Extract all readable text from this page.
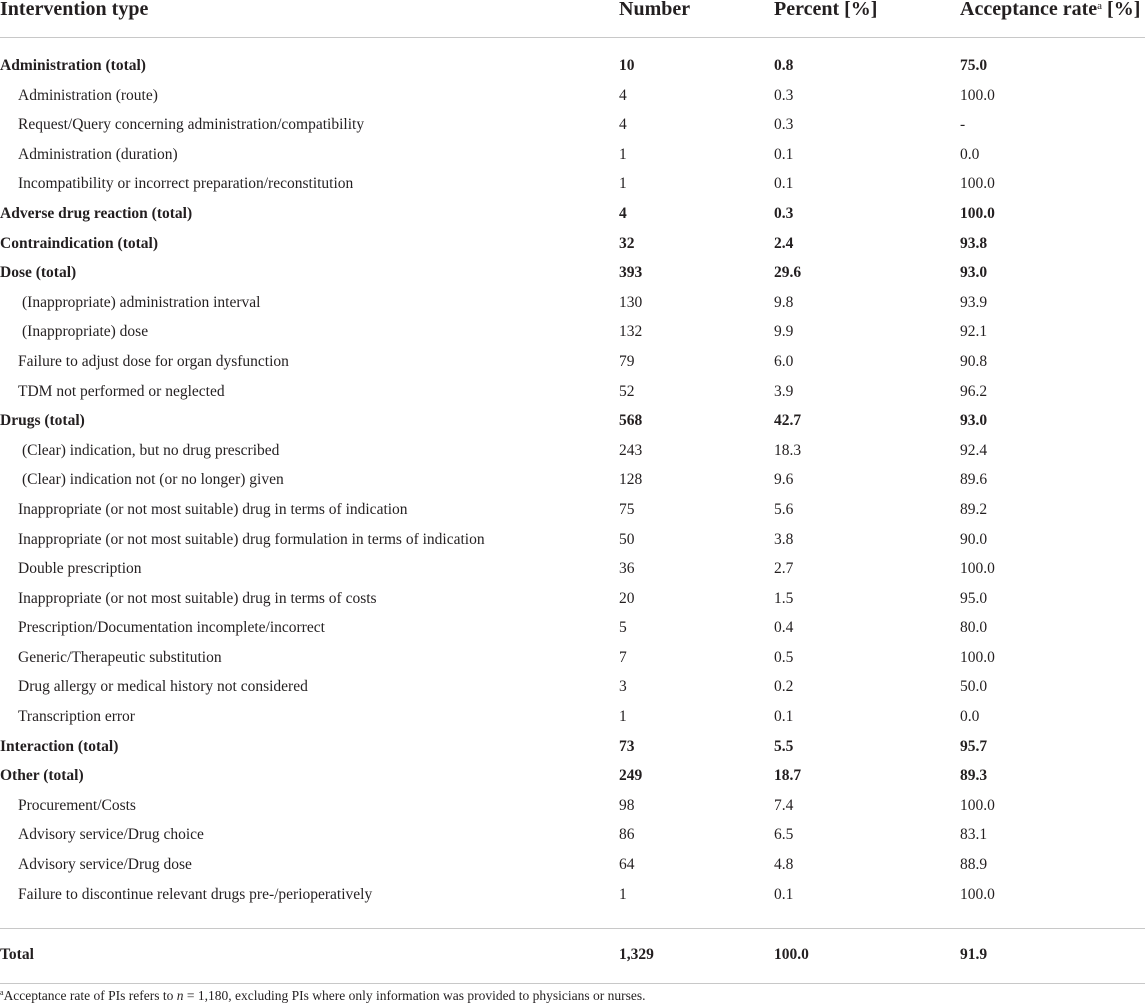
Intervention type	Number	Percent [%]	Acceptance rate$^a$ [%]
Administration (total)	10	0.8	75.0
Administration (route)	4	0.3	100.0
Request/Query concerning administration/compatibility	4	0.3	-
Administration (duration)	1	0.1	0.0
Incompatibility or incorrect preparation/reconstitution	1	0.1	100.0
Adverse drug reaction (total)	4	0.3	100.0
Contraindication (total)	32	2.4	93.8
Dose (total)	393	29.6	93.0
(Inappropriate) administration interval	130	9.8	93.9
(Inappropriate) dose	132	9.9	92.1
Failure to adjust dose for organ dysfunction	79	6.0	90.8
TDM not performed or neglected	52	3.9	96.2
Drugs (total)	568	42.7	93.0
(Clear) indication, but no drug prescribed	243	18.3	92.4
(Clear) indication not (or no longer) given	128	9.6	89.6
Inappropriate (or not most suitable) drug in terms of indication	75	5.6	89.2
Inappropriate (or not most suitable) drug formulation in terms of indication	50	3.8	90.0
Double prescription	36	2.7	100.0
Inappropriate (or not most suitable) drug in terms of costs	20	1.5	95.0
Prescription/Documentation incomplete/incorrect	5	0.4	80.0
Generic/Therapeutic substitution	7	0.5	100.0
Drug allergy or medical history not considered	3	0.2	50.0
Transcription error	1	0.1	0.0
Interaction (total)	73	5.5	95.7
Other (total)	249	18.7	89.3
Procurement/Costs	98	7.4	100.0
Advisory service/Drug choice	86	6.5	83.1
Advisory service/Drug dose	64	4.8	88.9
Failure to discontinue relevant drugs pre-/perioperatively	1	0.1	100.0
Total	1,329	100.0	91.9
$^a$Acceptance rate of PIs refers to n = 1,180, excluding PIs where only information was provided to physicians or nurses.
